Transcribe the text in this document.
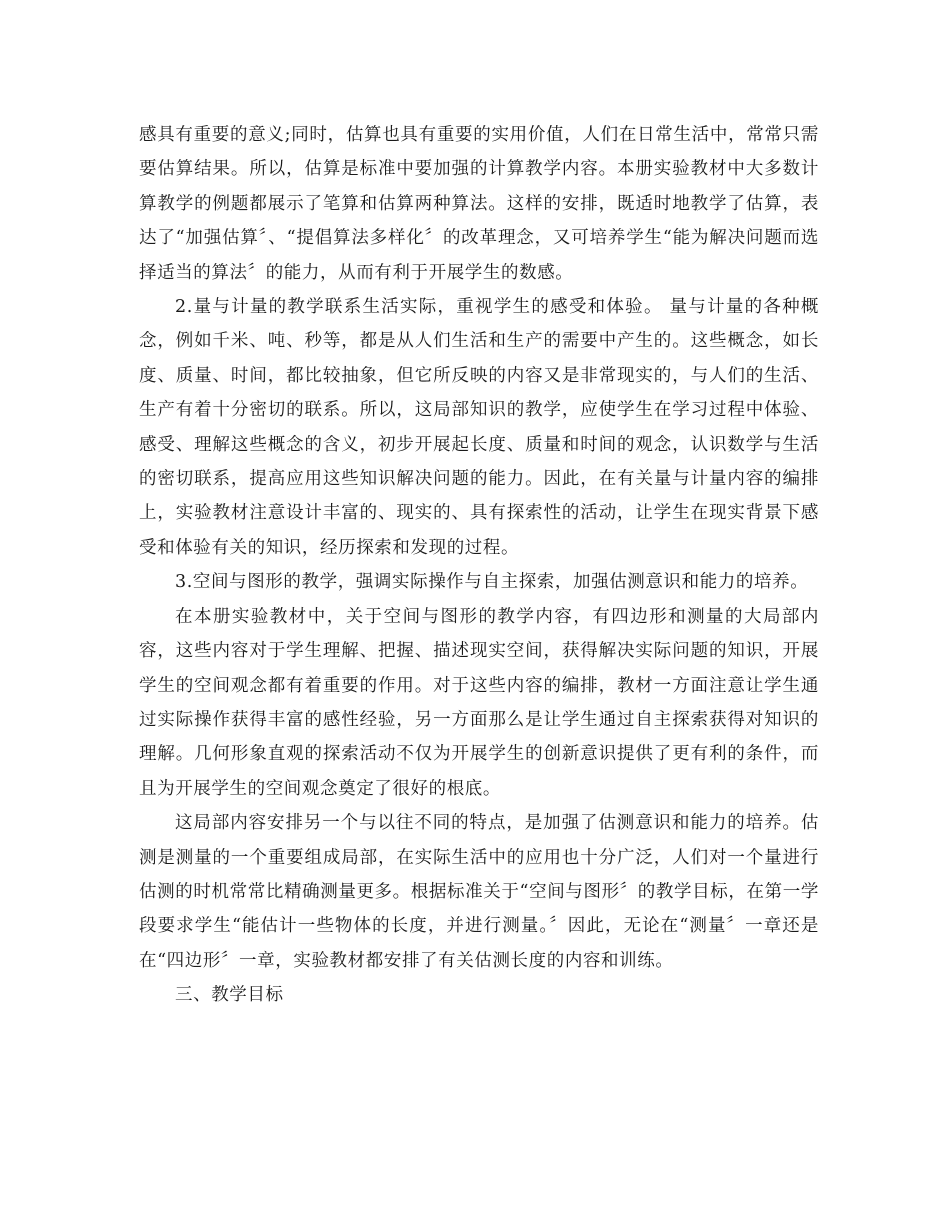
感具有重要的意义;同时，估算也具有重要的实用价值，人们在日常生活中，常常只需要估算结果。所以，估算是标准中要加强的计算教学内容。本册实验教材中大多数计算教学的例题都展示了笔算和估算两种算法。这样的安排，既适时地教学了估算，表达了“加强估算〞、“提倡算法多样化〞的改革理念，又可培养学生“能为解决问题而选择适当的算法〞的能力，从而有利于开展学生的数感。

2.量与计量的教学联系生活实际，重视学生的感受和体验。 量与计量的各种概念，例如千米、吨、秒等，都是从人们生活和生产的需要中产生的。这些概念，如长度、质量、时间，都比较抽象，但它所反映的内容又是非常现实的，与人们的生活、生产有着十分密切的联系。所以，这局部知识的教学，应使学生在学习过程中体验、感受、理解这些概念的含义，初步开展起长度、质量和时间的观念，认识数学与生活的密切联系，提高应用这些知识解决问题的能力。因此，在有关量与计量内容的编排上，实验教材注意设计丰富的、现实的、具有探索性的活动，让学生在现实背景下感受和体验有关的知识，经历探索和发现的过程。

3.空间与图形的教学，强调实际操作与自主探索，加强估测意识和能力的培养。

在本册实验教材中，关于空间与图形的教学内容，有四边形和测量的大局部内容，这些内容对于学生理解、把握、描述现实空间，获得解决实际问题的知识，开展学生的空间观念都有着重要的作用。对于这些内容的编排，教材一方面注意让学生通过实际操作获得丰富的感性经验，另一方面那么是让学生通过自主探索获得对知识的理解。几何形象直观的探索活动不仅为开展学生的创新意识提供了更有利的条件，而且为开展学生的空间观念奠定了很好的根底。

这局部内容安排另一个与以往不同的特点，是加强了估测意识和能力的培养。估测是测量的一个重要组成局部，在实际生活中的应用也十分广泛，人们对一个量进行估测的时机常常比精确测量更多。根据标准关于“空间与图形〞的教学目标，在第一学段要求学生“能估计一些物体的长度，并进行测量。〞因此，无论在“测量〞一章还是在“四边形〞一章，实验教材都安排了有关估测长度的内容和训练。

三、教学目标
